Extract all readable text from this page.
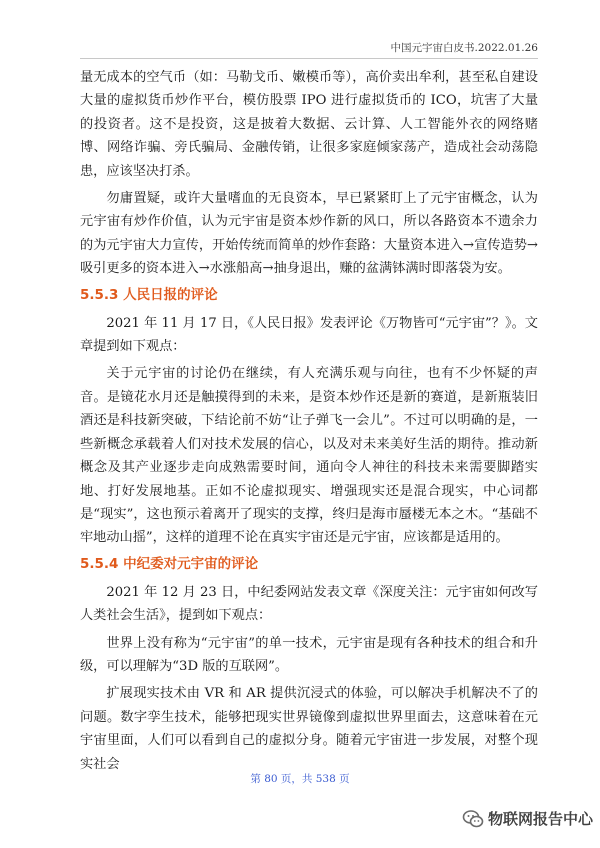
中国元宇宙白皮书.2022.01.26

量无成本的空气币（如：马勒戈币、嫩模币等），高价卖出牟利，甚至私自建设大量的虚拟货币炒作平台，模仿股票 IPO 进行虚拟货币的 ICO，坑害了大量的投资者。这不是投资，这是披着大数据、云计算、人工智能外衣的网络赌博、网络诈骗、旁氏骗局、金融传销，让很多家庭倾家荡产，造成社会动荡隐患，应该坚决打杀。

勿庸置疑，或许大量嗜血的无良资本，早已紧紧盯上了元宇宙概念，认为元宇宙有炒作价值，认为元宇宙是资本炒作新的风口，所以各路资本不遗余力的为元宇宙大力宣传，开始传统而简单的炒作套路：大量资本进入→宣传造势→吸引更多的资本进入→水涨船高→抽身退出，赚的盆满钵满时即落袋为安。

5.5.3 人民日报的评论

2021 年 11 月 17 日，《人民日报》发表评论《万物皆可“元宇宙”？》。文章提到如下观点：

关于元宇宙的讨论仍在继续，有人充满乐观与向往，也有不少怀疑的声音。是镜花水月还是触摸得到的未来，是资本炒作还是新的赛道，是新瓶装旧酒还是科技新突破，下结论前不妨“让子弹飞一会儿”。不过可以明确的是，一些新概念承载着人们对技术发展的信心，以及对未来美好生活的期待。推动新概念及其产业逐步走向成熟需要时间，通向令人神往的科技未来需要脚踏实地、打好发展地基。正如不论虚拟现实、增强现实还是混合现实，中心词都是“现实”，这也预示着离开了现实的支撑，终归是海市蜃楼无本之木。“基础不牢地动山摇”，这样的道理不论在真实宇宙还是元宇宙，应该都是适用的。

5.5.4 中纪委对元宇宙的评论

2021 年 12 月 23 日，中纪委网站发表文章《深度关注：元宇宙如何改写人类社会生活》，提到如下观点：

世界上没有称为“元宇宙”的单一技术，元宇宙是现有各种技术的组合和升级，可以理解为“3D 版的互联网”。

扩展现实技术由 VR 和 AR 提供沉浸式的体验，可以解决手机解决不了的问题。数字孪生技术，能够把现实世界镜像到虚拟世界里面去，这意味着在元宇宙里面，人们可以看到自己的虚拟分身。随着元宇宙进一步发展，对整个现实社会

第 80 页，共 538 页
物联网报告中心
